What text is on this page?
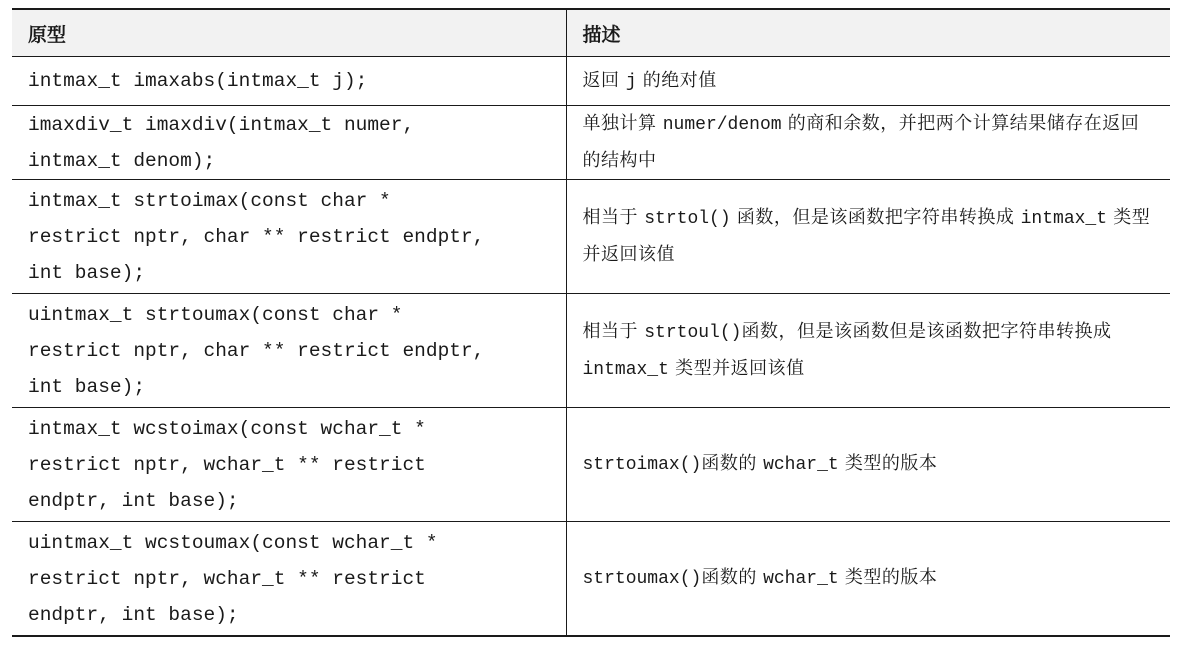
原型	描述
intmax_t imaxabs(intmax_t j);	返回 j 的绝对值
imaxdiv_t imaxdiv(intmax_t numer,
intmax_t denom);	单独计算 numer/denom 的商和余数，并把两个计算结果储存在返回的结构中
intmax_t strtoimax(const char *
restrict nptr, char ** restrict endptr,
int base);	相当于 strtol() 函数，但是该函数把字符串转换成 intmax_t 类型并返回该值
uintmax_t strtoumax(const char *
restrict nptr, char ** restrict endptr,
int base);	相当于 strtoul()函数，但是该函数但是该函数把字符串转换成 intmax_t 类型并返回该值
intmax_t wcstoimax(const wchar_t *
restrict nptr, wchar_t ** restrict
endptr, int base);	strtoimax()函数的 wchar_t 类型的版本
uintmax_t wcstoumax(const wchar_t *
restrict nptr, wchar_t ** restrict
endptr, int base);	strtoumax()函数的 wchar_t 类型的版本
